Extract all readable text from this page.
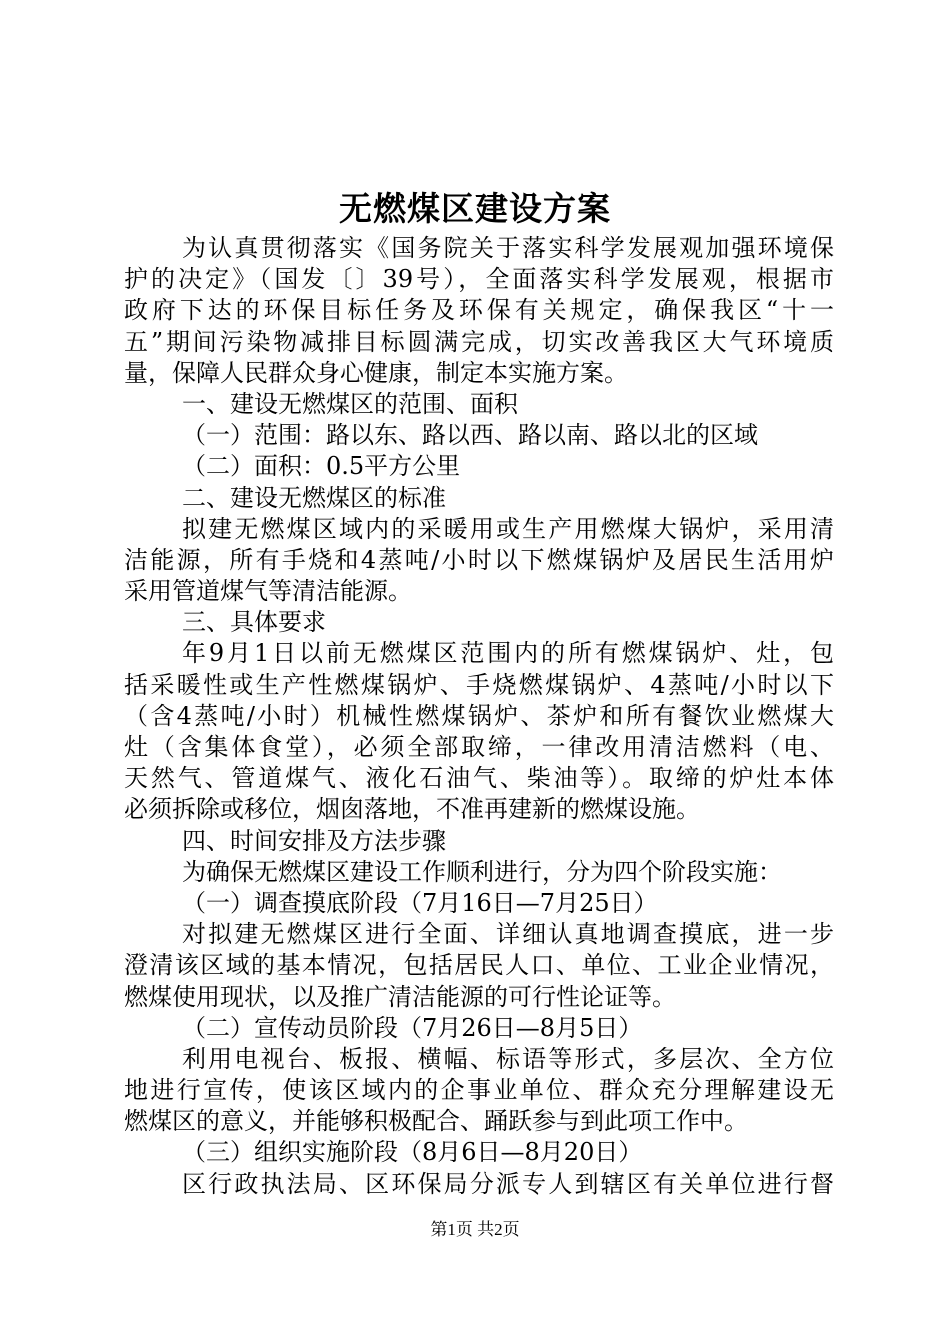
无燃煤区建设方案
为认真贯彻落实《国务院关于落实科学发展观加强环境保
护的决定》（国发〔〕39号），全面落实科学发展观，根据市
政府下达的环保目标任务及环保有关规定，确保我区“十一
五”期间污染物减排目标圆满完成，切实改善我区大气环境质
量，保障人民群众身心健康，制定本实施方案。
一、建设无燃煤区的范围、面积
（一）范围：路以东、路以西、路以南、路以北的区域
（二）面积：0.5平方公里
二、建设无燃煤区的标准
拟建无燃煤区域内的采暖用或生产用燃煤大锅炉，采用清
洁能源，所有手烧和4蒸吨/小时以下燃煤锅炉及居民生活用炉
采用管道煤气等清洁能源。
三、具体要求
年9月1日以前无燃煤区范围内的所有燃煤锅炉、灶，包
括采暖性或生产性燃煤锅炉、手烧燃煤锅炉、4蒸吨/小时以下
（含4蒸吨/小时）机械性燃煤锅炉、茶炉和所有餐饮业燃煤大
灶（含集体食堂），必须全部取缔，一律改用清洁燃料（电、
天然气、管道煤气、液化石油气、柴油等）。取缔的炉灶本体
必须拆除或移位，烟囱落地，不准再建新的燃煤设施。
四、时间安排及方法步骤
为确保无燃煤区建设工作顺利进行，分为四个阶段实施：
（一）调查摸底阶段（7月16日—7月25日）
对拟建无燃煤区进行全面、详细认真地调查摸底，进一步
澄清该区域的基本情况，包括居民人口、单位、工业企业情况，
燃煤使用现状，以及推广清洁能源的可行性论证等。
（二）宣传动员阶段（7月26日—8月5日）
利用电视台、板报、横幅、标语等形式，多层次、全方位
地进行宣传，使该区域内的企事业单位、群众充分理解建设无
燃煤区的意义，并能够积极配合、踊跃参与到此项工作中。
（三）组织实施阶段（8月6日—8月20日）
区行政执法局、区环保局分派专人到辖区有关单位进行督
第1页 共2页
